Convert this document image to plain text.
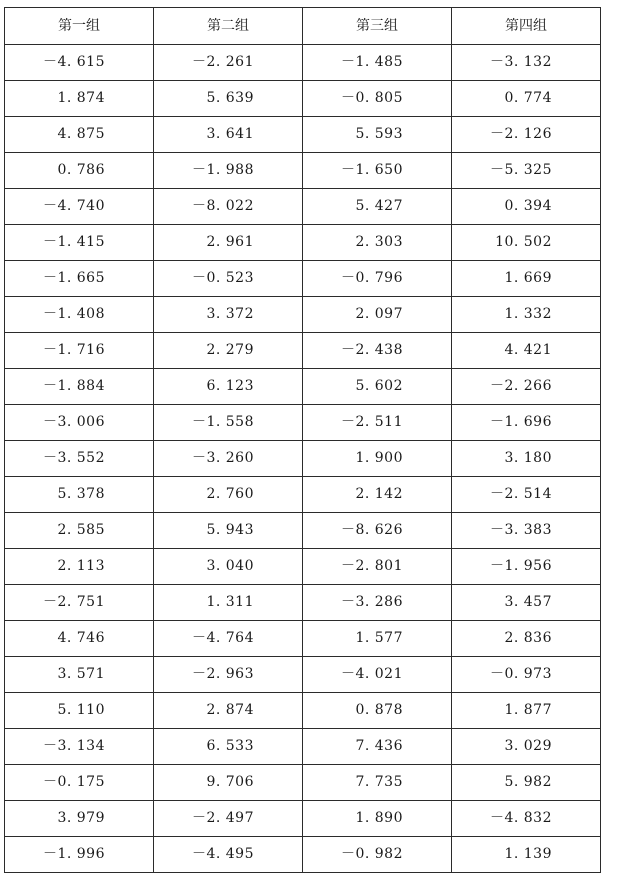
第一组	第二组	第三组	第四组
－4. 615	－2. 261	－1. 485	－3. 132
1. 874	5. 639	－0. 805	0. 774
4. 875	3. 641	5. 593	－2. 126
0. 786	－1. 988	－1. 650	－5. 325
－4. 740	－8. 022	5. 427	0. 394
－1. 415	2. 961	2. 303	10. 502
－1. 665	－0. 523	－0. 796	1. 669
－1. 408	3. 372	2. 097	1. 332
－1. 716	2. 279	－2. 438	4. 421
－1. 884	6. 123	5. 602	－2. 266
－3. 006	－1. 558	－2. 511	－1. 696
－3. 552	－3. 260	1. 900	3. 180
5. 378	2. 760	2. 142	－2. 514
2. 585	5. 943	－8. 626	－3. 383
2. 113	3. 040	－2. 801	－1. 956
－2. 751	1. 311	－3. 286	3. 457
4. 746	－4. 764	1. 577	2. 836
3. 571	－2. 963	－4. 021	－0. 973
5. 110	2. 874	0. 878	1. 877
－3. 134	6. 533	7. 436	3. 029
－0. 175	9. 706	7. 735	5. 982
3. 979	－2. 497	1. 890	－4. 832
－1. 996	－4. 495	－0. 982	1. 139
